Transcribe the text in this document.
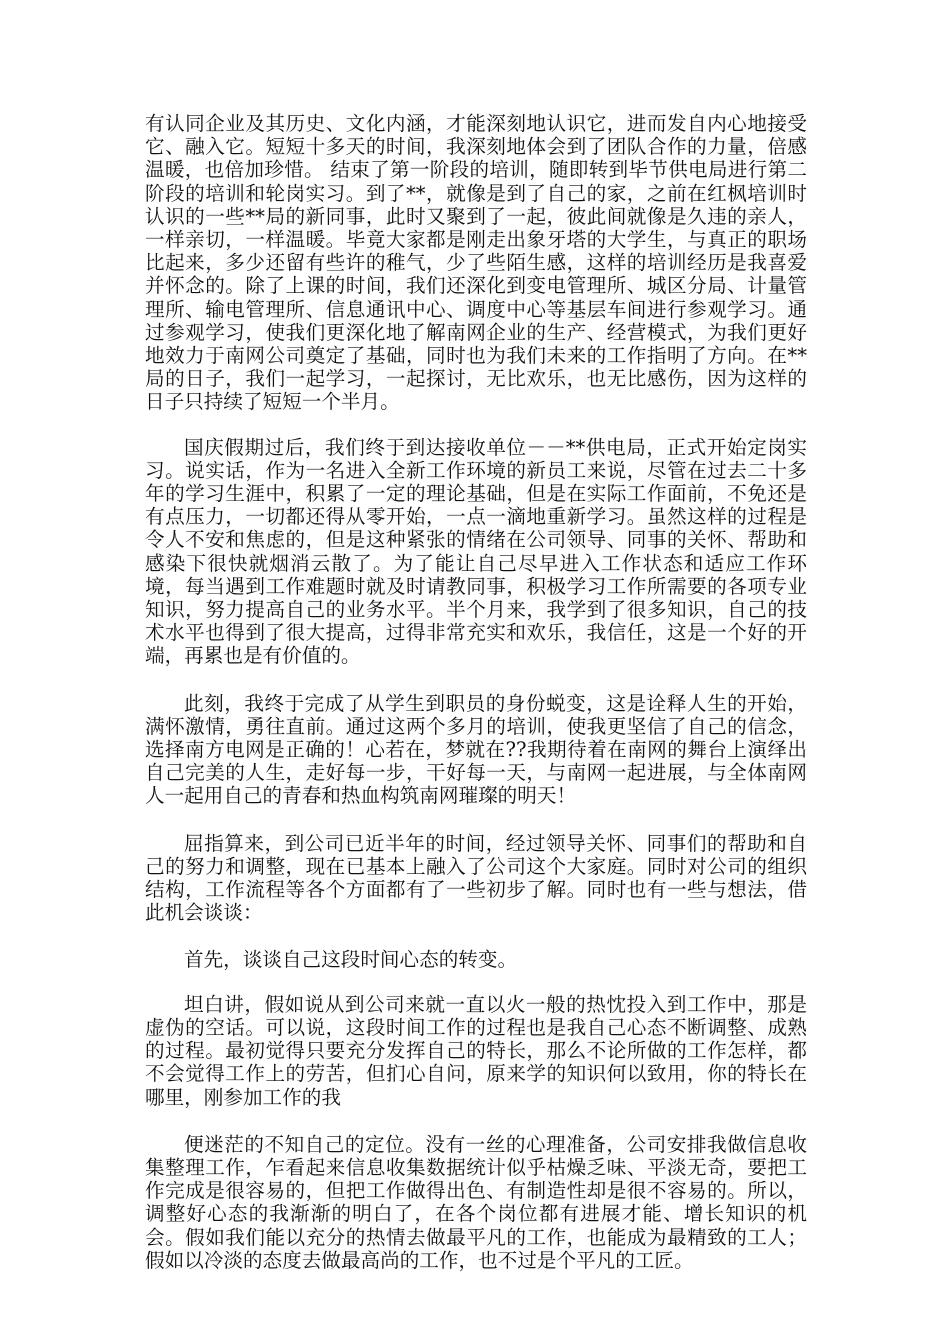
有认同企业及其历史、文化内涵，才能深刻地认识它，进而发自内心地接受它、融入它。短短十多天的时间，我深刻地体会到了团队合作的力量，倍感温暖，也倍加珍惜。 结束了第一阶段的培训，随即转到毕节供电局进行第二阶段的培训和轮岗实习。到了**，就像是到了自己的家，之前在红枫培训时认识的一些**局的新同事，此时又聚到了一起，彼此间就像是久违的亲人，一样亲切，一样温暖。毕竟大家都是刚走出象牙塔的大学生，与真正的职场比起来，多少还留有些许的稚气，少了些陌生感，这样的培训经历是我喜爱并怀念的。除了上课的时间，我们还深化到变电管理所、城区分局、计量管理所、输电管理所、信息通讯中心、调度中心等基层车间进行参观学习。通过参观学习，使我们更深化地了解南网企业的生产、经营模式，为我们更好地效力于南网公司奠定了基础，同时也为我们未来的工作指明了方向。在**局的日子，我们一起学习，一起探讨，无比欢乐，也无比感伤，因为这样的日子只持续了短短一个半月。

国庆假期过后，我们终于到达接收单位－－**供电局，正式开始定岗实习。说实话，作为一名进入全新工作环境的新员工来说，尽管在过去二十多年的学习生涯中，积累了一定的理论基础，但是在实际工作面前，不免还是有点压力，一切都还得从零开始，一点一滴地重新学习。虽然这样的过程是令人不安和焦虑的，但是这种紧张的情绪在公司领导、同事的关怀、帮助和感染下很快就烟消云散了。为了能让自己尽早进入工作状态和适应工作环境，每当遇到工作难题时就及时请教同事，积极学习工作所需要的各项专业知识，努力提高自己的业务水平。半个月来，我学到了很多知识，自己的技术水平也得到了很大提高，过得非常充实和欢乐，我信任，这是一个好的开端，再累也是有价值的。

此刻，我终于完成了从学生到职员的身份蜕变，这是诠释人生的开始，满怀激情，勇往直前。通过这两个多月的培训，使我更坚信了自己的信念，选择南方电网是正确的！心若在，梦就在??我期待着在南网的舞台上演绎出自己完美的人生，走好每一步，干好每一天，与南网一起进展，与全体南网人一起用自己的青春和热血构筑南网璀璨的明天！

屈指算来，到公司已近半年的时间，经过领导关怀、同事们的帮助和自己的努力和调整，现在已基本上融入了公司这个大家庭。同时对公司的组织结构，工作流程等各个方面都有了一些初步了解。同时也有一些与想法，借此机会谈谈：

首先，谈谈自己这段时间心态的转变。

坦白讲，假如说从到公司来就一直以火一般的热忱投入到工作中，那是虚伪的空话。可以说，这段时间工作的过程也是我自己心态不断调整、成熟的过程。最初觉得只要充分发挥自己的特长，那么不论所做的工作怎样，都不会觉得工作上的劳苦，但扪心自问，原来学的知识何以致用，你的特长在哪里，刚参加工作的我

便迷茫的不知自己的定位。没有一丝的心理准备，公司安排我做信息收集整理工作，乍看起来信息收集数据统计似乎枯燥乏味、平淡无奇，要把工作完成是很容易的，但把工作做得出色、有制造性却是很不容易的。所以，调整好心态的我渐渐的明白了，在各个岗位都有进展才能、增长知识的机会。假如我们能以充分的热情去做最平凡的工作，也能成为最精致的工人；假如以冷淡的态度去做最高尚的工作，也不过是个平凡的工匠。
